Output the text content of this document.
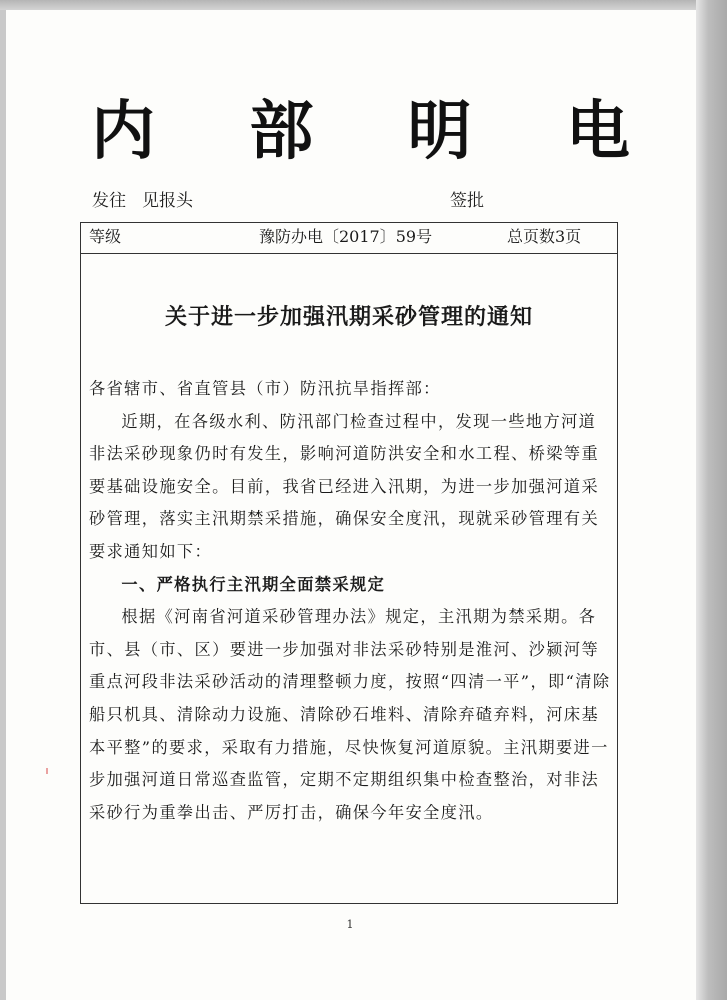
内 部 明 电
发往 见报头	签批
等级	豫防办电〔2017〕59号	总页数3页
关于进一步加强汛期采砂管理的通知

各省辖市、省直管县（市）防汛抗旱指挥部：

近期，在各级水利、防汛部门检查过程中，发现一些地方河道非法采砂现象仍时有发生，影响河道防洪安全和水工程、桥梁等重要基础设施安全。目前，我省已经进入汛期，为进一步加强河道采砂管理，落实主汛期禁采措施，确保安全度汛，现就采砂管理有关要求通知如下：

一、严格执行主汛期全面禁采规定

根据《河南省河道采砂管理办法》规定，主汛期为禁采期。各市、县（市、区）要进一步加强对非法采砂特别是淮河、沙颍河等重点河段非法采砂活动的清理整顿力度，按照“四清一平”，即“清除船只机具、清除动力设施、清除砂石堆料、清除弃碴弃料，河床基本平整”的要求，采取有力措施，尽快恢复河道原貌。主汛期要进一步加强河道日常巡查监管，定期不定期组织集中检查整治，对非法采砂行为重拳出击、严厉打击，确保今年安全度汛。

1
